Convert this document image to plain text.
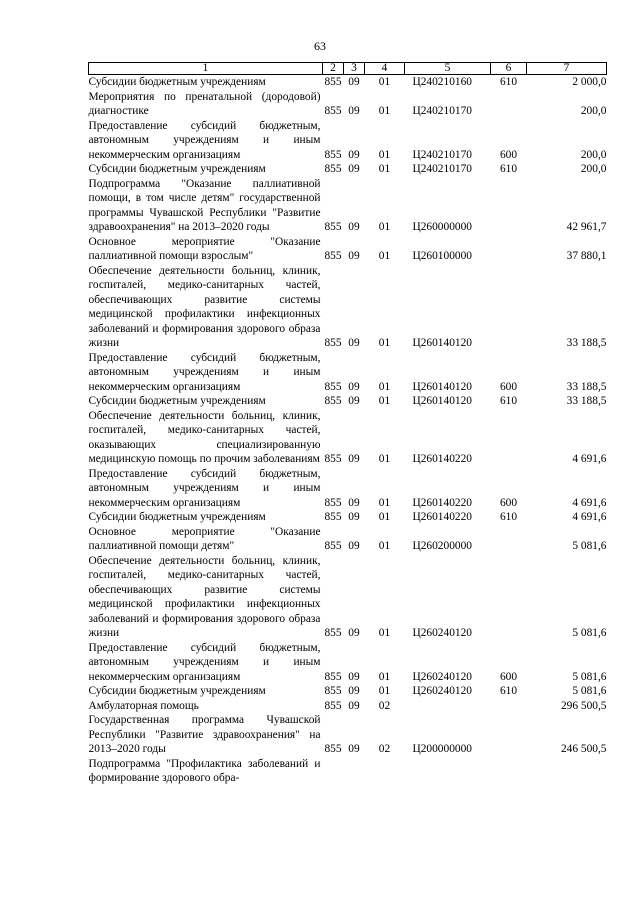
63
1	2	3	4	5	6	7
Субсидии бюджетным учреждениям	855	09	01	Ц240210160	610	2 000,0
Мероприятия по пренатальной (дородовой) диагностике	855	09	01	Ц240210170		200,0
Предоставление субсидий бюджетным, автономным учреждениям и иным некоммерческим организациям	855	09	01	Ц240210170	600	200,0
Субсидии бюджетным учреждениям	855	09	01	Ц240210170	610	200,0
Подпрограмма "Оказание паллиативной помощи, в том числе детям" государственной программы Чувашской Республики "Развитие здравоохранения" на 2013–2020 годы	855	09	01	Ц260000000		42 961,7
Основное мероприятие "Оказание паллиативной помощи взрослым"	855	09	01	Ц260100000		37 880,1
Обеспечение деятельности больниц, клиник, госпиталей, медико-санитарных частей, обеспечивающих развитие системы медицинской профилактики инфекционных заболеваний и формирования здорового образа жизни	855	09	01	Ц260140120		33 188,5
Предоставление субсидий бюджетным, автономным учреждениям и иным некоммерческим организациям	855	09	01	Ц260140120	600	33 188,5
Субсидии бюджетным учреждениям	855	09	01	Ц260140120	610	33 188,5
Обеспечение деятельности больниц, клиник, госпиталей, медико-санитарных частей, оказывающих специализированную медицинскую помощь по прочим заболеваниям	855	09	01	Ц260140220		4 691,6
Предоставление субсидий бюджетным, автономным учреждениям и иным некоммерческим организациям	855	09	01	Ц260140220	600	4 691,6
Субсидии бюджетным учреждениям	855	09	01	Ц260140220	610	4 691,6
Основное мероприятие "Оказание паллиативной помощи детям"	855	09	01	Ц260200000		5 081,6
Обеспечение деятельности больниц, клиник, госпиталей, медико-санитарных частей, обеспечивающих развитие системы медицинской профилактики инфекционных заболеваний и формирования здорового образа жизни	855	09	01	Ц260240120		5 081,6
Предоставление субсидий бюджетным, автономным учреждениям и иным некоммерческим организациям	855	09	01	Ц260240120	600	5 081,6
Субсидии бюджетным учреждениям	855	09	01	Ц260240120	610	5 081,6
Амбулаторная помощь	855	09	02			296 500,5
Государственная программа Чувашской Республики "Развитие здравоохранения" на 2013–2020 годы	855	09	02	Ц200000000		246 500,5
Подпрограмма "Профилактика заболеваний и формирование здорового обра-						
